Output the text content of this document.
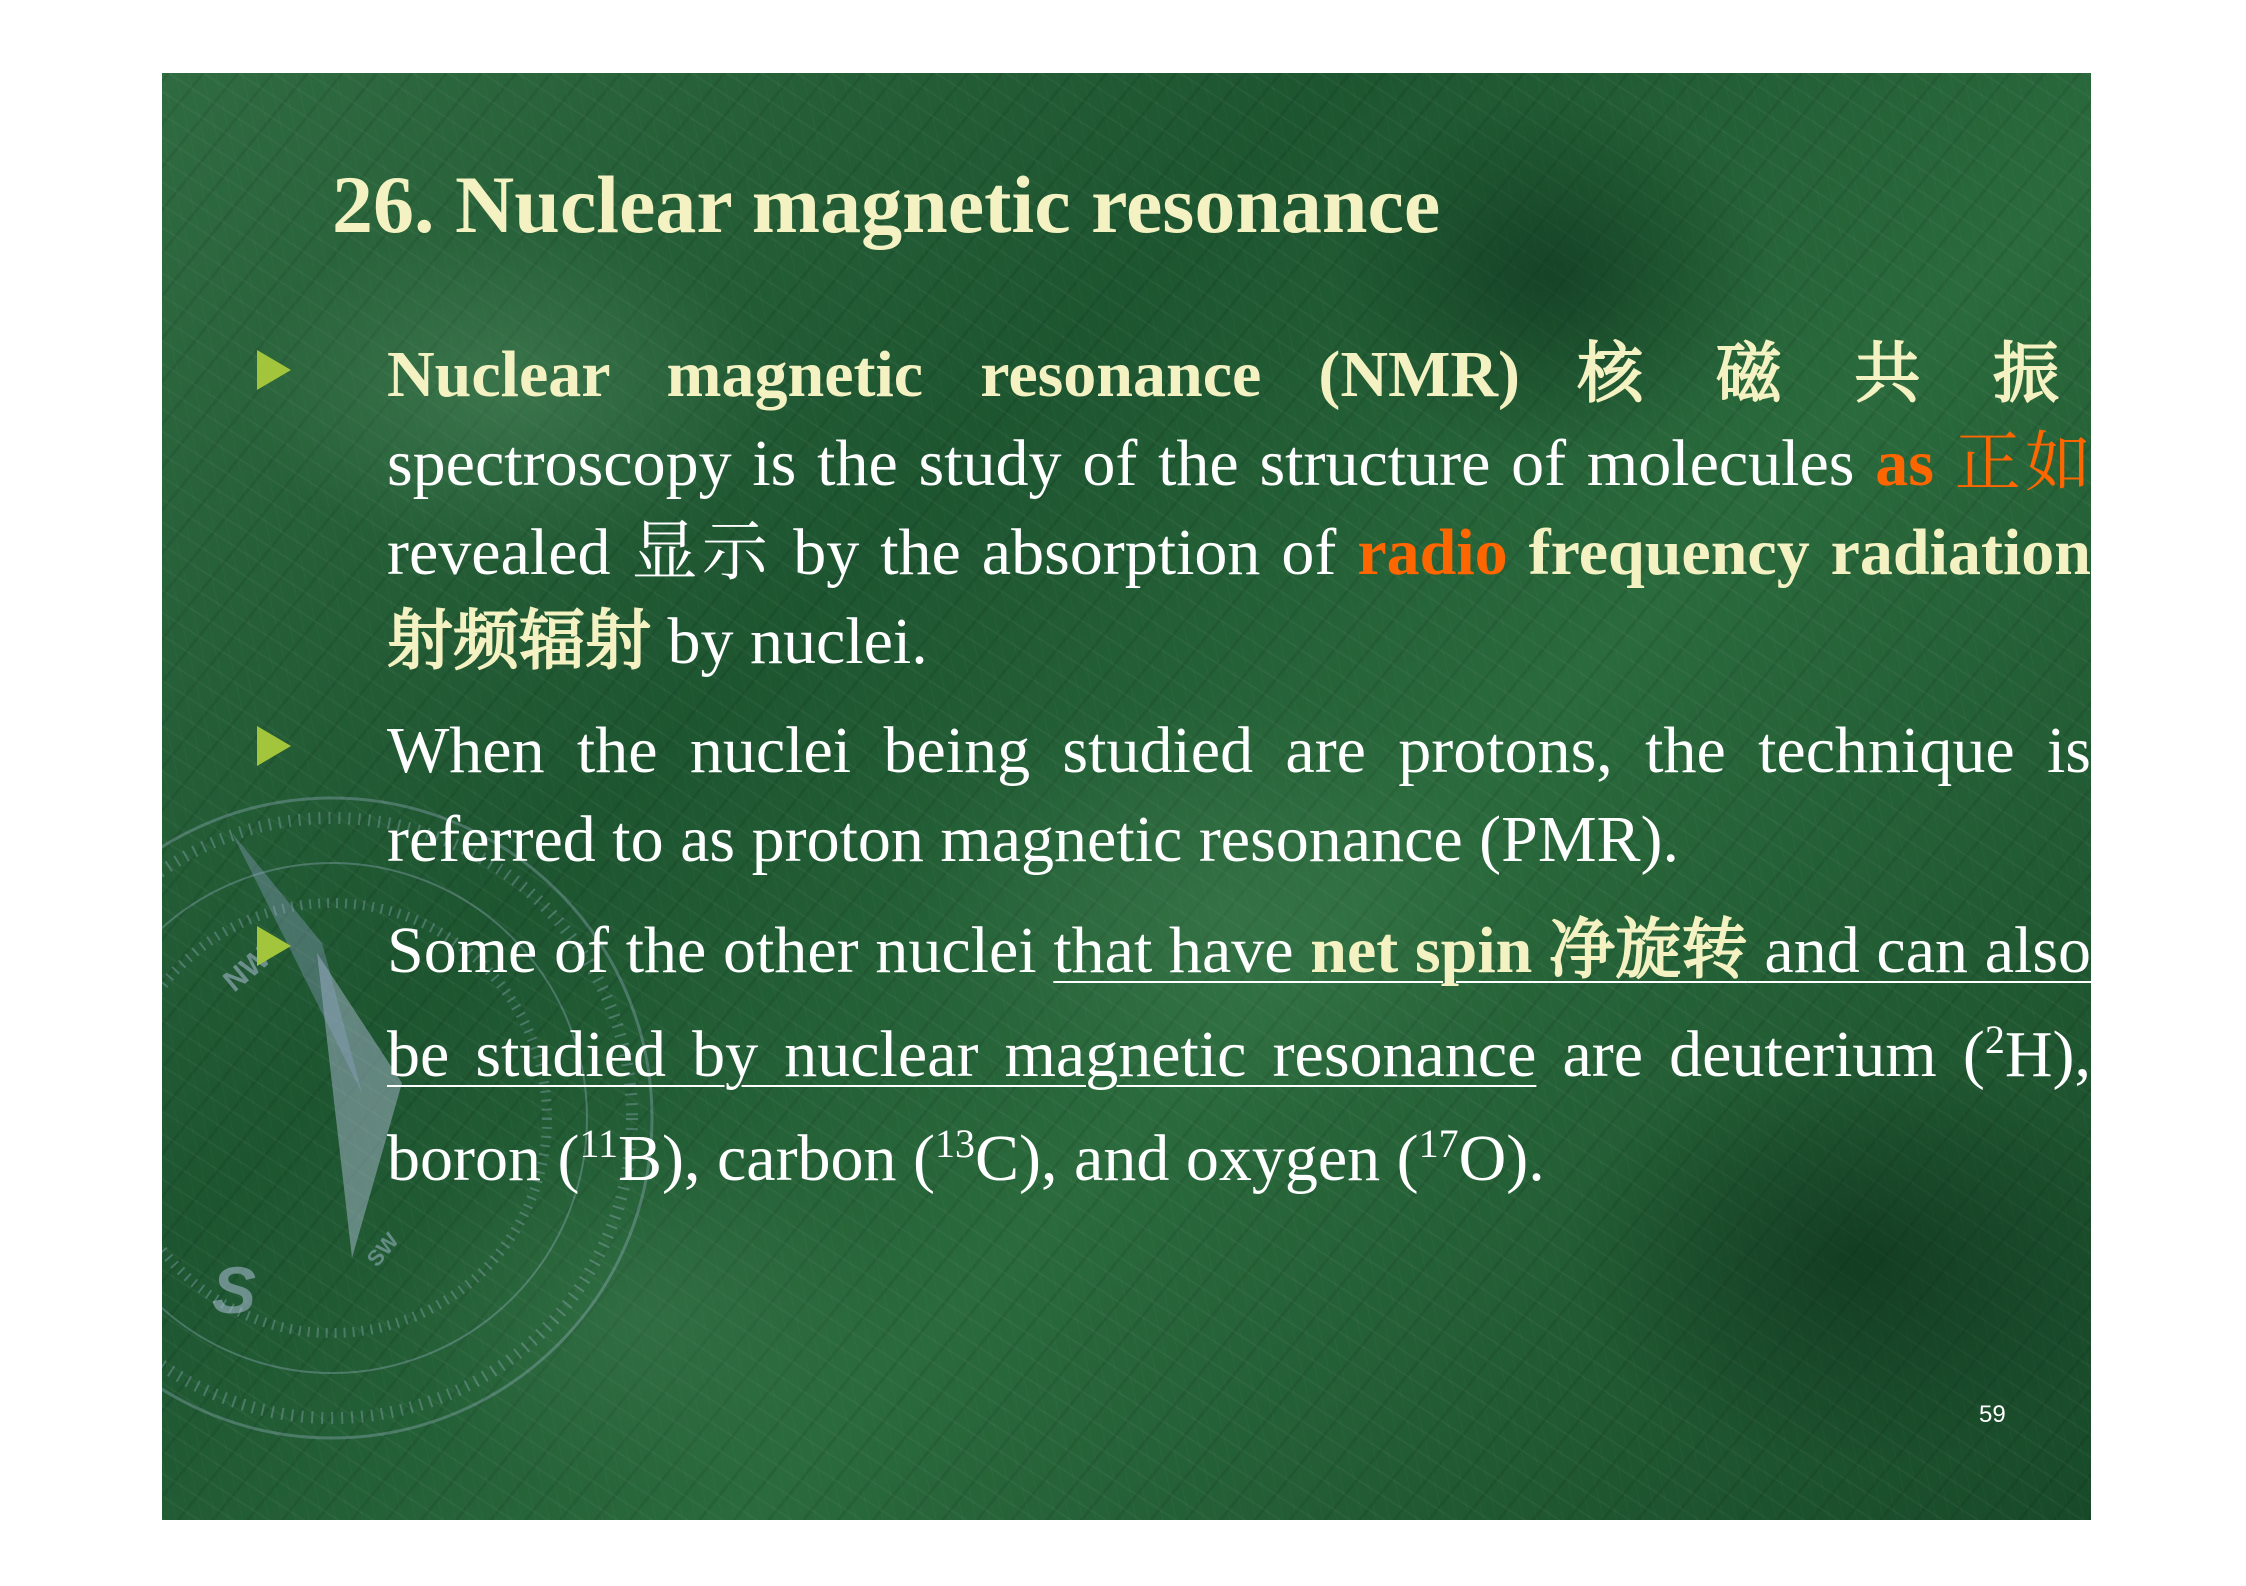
NW
S
SW
26. Nuclear magnetic resonance

Nuclear magnetic resonance (NMR) 核磁共振 spectroscopy is the study of the structure of molecules as 正如 revealed 显示 by the absorption of radio frequency radiation 射频辐射 by nuclei.

When the nuclei being studied are protons, the technique is referred to as proton magnetic resonance (PMR).

Some of the other nuclei that have net spin 净旋转 and can also be studied by nuclear magnetic resonance are deuterium ($^2$H), boron ($^{11}$B), carbon ($^{13}$C), and oxygen ($^{17}$O).

59
